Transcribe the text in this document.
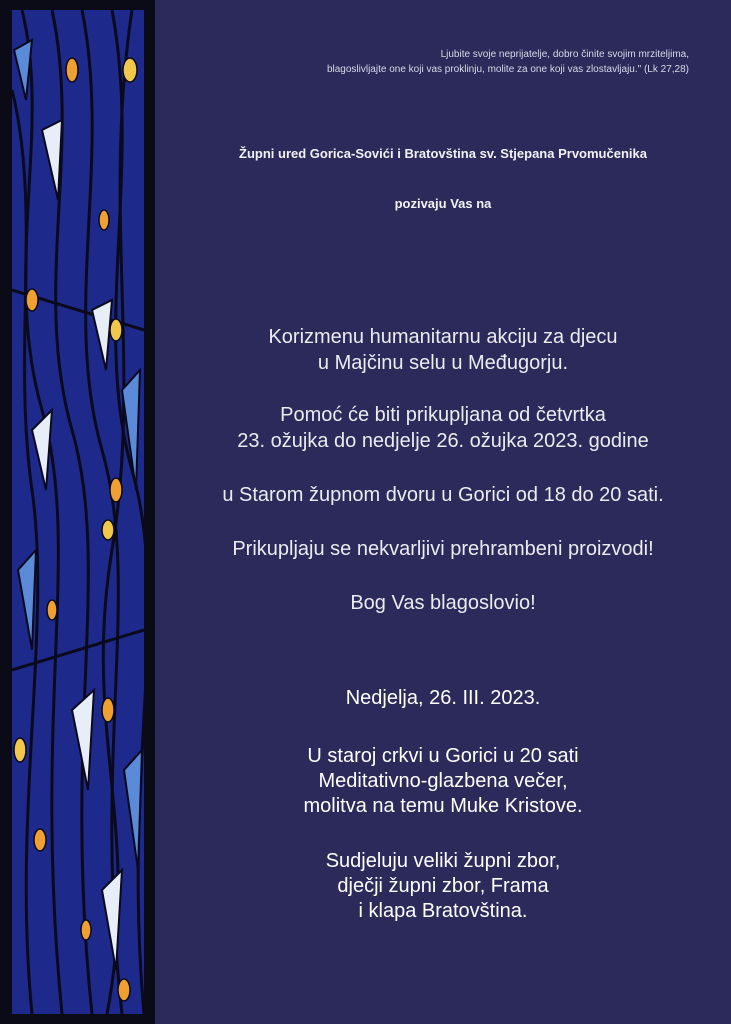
Ljubite svoje neprijatelje, dobro činite svojim mrziteljima,
blagoslivljajte one koji vas proklinju, molite za one koji vas zlostavljaju." (Lk 27,28)
Župni ured Gorica-Sovići i Bratovština sv. Stjepana Prvomučenika
pozivaju Vas na
Korizmenu humanitarnu akciju za djecu
u Majčinu selu u Međugorju.
Pomoć će biti prikupljana od četvrtka
23. ožujka do nedjelje 26. ožujka 2023. godine
u Starom župnom dvoru u Gorici od 18 do 20 sati.
Prikupljaju se nekvarljivi prehrambeni proizvodi!
Bog Vas blagoslovio!
Nedjelja, 26. III. 2023.
U staroj crkvi u Gorici u 20 sati
Meditativno-glazbena večer,
molitva na temu Muke Kristove.
Sudjeluju veliki župni zbor,
dječji župni zbor, Frama
i klapa Bratovština.
